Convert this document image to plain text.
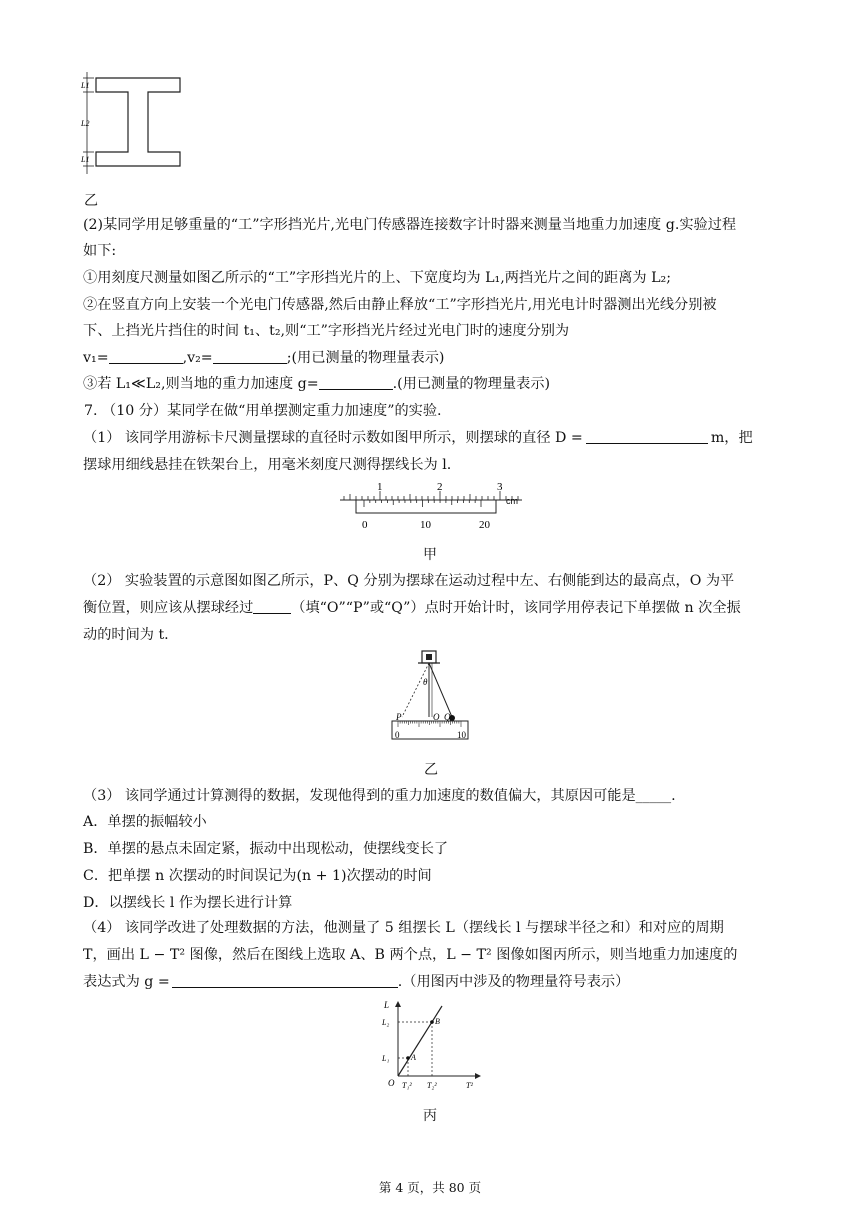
L1
L2
L1
乙
(2)某同学用足够重量的“工”字形挡光片,光电门传感器连接数字计时器来测量当地重力加速度 g.实验过程
如下:
①用刻度尺测量如图乙所示的“工”字形挡光片的上、下宽度均为 L₁,两挡光片之间的距离为 L₂;
②在竖直方向上安装一个光电门传感器,然后由静止释放“工”字形挡光片,用光电计时器测出光线分别被
下、上挡光片挡住的时间 t₁、t₂,则“工”字形挡光片经过光电门时的速度分别为
v₁=	,v₂=	;(用已测量的物理量表示)
③若 L₁≪L₂,则当地的重力加速度 g=	.(用已测量的物理量表示)
7. （10 分）某同学在做“用单摆测定重力加速度”的实验.
（1） 该同学用游标卡尺测量摆球的直径时示数如图甲所示，则摆球的直径 D =	m，把
摆球用细线悬挂在铁架台上，用毫米刻度尺测得摆线长为 l.
1	2	3
cm
0	10	20
甲
（2） 实验装置的示意图如图乙所示，P、Q 分别为摆球在运动过程中左、右侧能到达的最高点，O 为平
衡位置，则应该从摆球经过	（填“O”“P”或“Q”）点时开始计时，该同学用停表记下单摆做 n 次全振
动的时间为 t.
θ
P	O Q
0	10
乙
（3） 该同学通过计算测得的数据，发现他得到的重力加速度的数值偏大，其原因可能是_____.
A．单摆的振幅较小
B．单摆的悬点未固定紧，振动中出现松动，使摆线变长了
C．把单摆 n 次摆动的时间误记为(n + 1)次摆动的时间
D．以摆线长 l 作为摆长进行计算
（4） 该同学改进了处理数据的方法，他测量了 5 组摆长 L（摆线长 l 与摆球半径之和）和对应的周期
T，画出 L − T² 图像，然后在图线上选取 A、B 两个点，L − T² 图像如图丙所示，则当地重力加速度的
表达式为 g =	.（用图丙中涉及的物理量符号表示）
L
L₂
L₁
O T₁² T₂²	T²
A
B
丙
第 4 页，共 80 页
